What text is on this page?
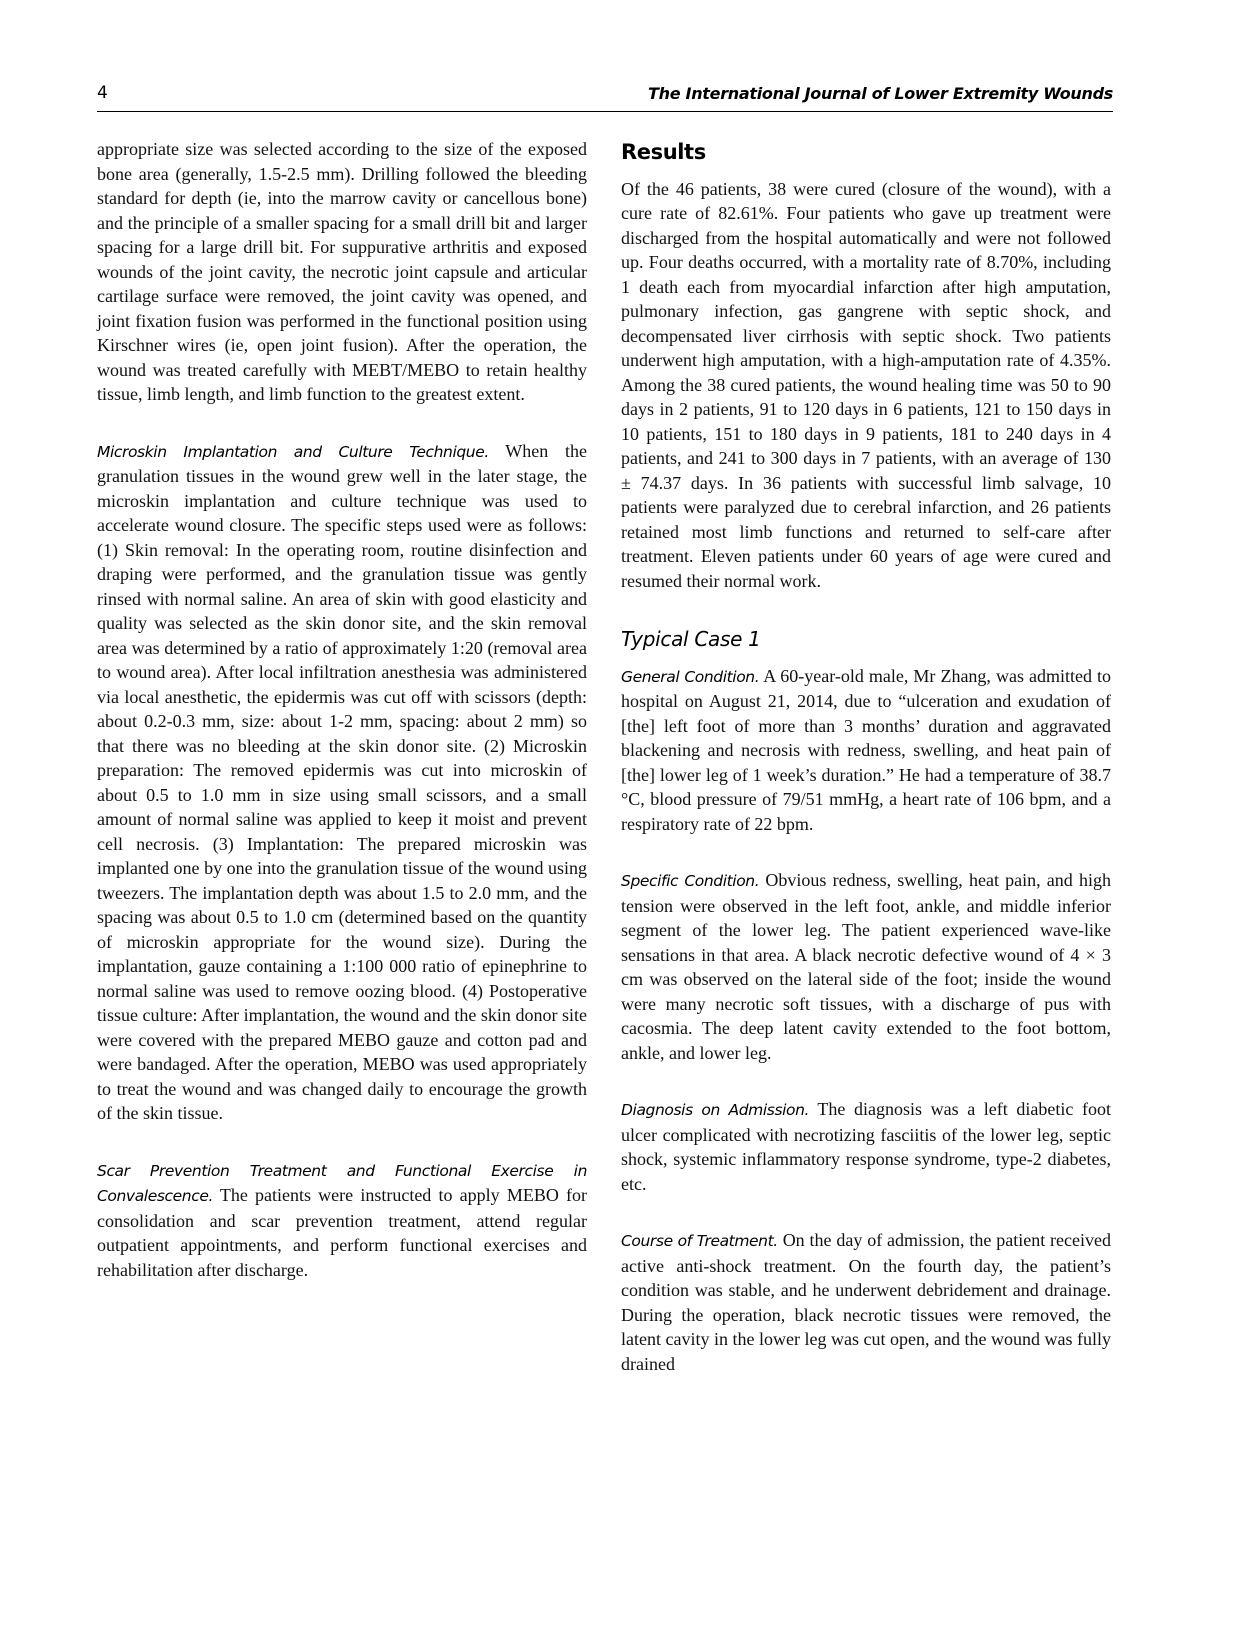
4	The International Journal of Lower Extremity Wounds

appropriate size was selected according to the size of the exposed bone area (generally, 1.5-2.5 mm). Drilling followed the bleeding standard for depth (ie, into the marrow cavity or cancellous bone) and the principle of a smaller spacing for a small drill bit and larger spacing for a large drill bit. For suppurative arthritis and exposed wounds of the joint cavity, the necrotic joint capsule and articular cartilage surface were removed, the joint cavity was opened, and joint fixation fusion was performed in the functional position using Kirschner wires (ie, open joint fusion). After the operation, the wound was treated carefully with MEBT/MEBO to retain healthy tissue, limb length, and limb function to the greatest extent.

Microskin Implantation and Culture Technique. When the granulation tissues in the wound grew well in the later stage, the microskin implantation and culture technique was used to accelerate wound closure. The specific steps used were as follows: (1) Skin removal: In the operating room, routine disinfection and draping were performed, and the granulation tissue was gently rinsed with normal saline. An area of skin with good elasticity and quality was selected as the skin donor site, and the skin removal area was determined by a ratio of approximately 1:20 (removal area to wound area). After local infiltration anesthesia was administered via local anesthetic, the epidermis was cut off with scissors (depth: about 0.2-0.3 mm, size: about 1-2 mm, spacing: about 2 mm) so that there was no bleeding at the skin donor site. (2) Microskin preparation: The removed epidermis was cut into microskin of about 0.5 to 1.0 mm in size using small scissors, and a small amount of normal saline was applied to keep it moist and prevent cell necrosis. (3) Implantation: The prepared microskin was implanted one by one into the granulation tissue of the wound using tweezers. The implantation depth was about 1.5 to 2.0 mm, and the spacing was about 0.5 to 1.0 cm (determined based on the quantity of microskin appropriate for the wound size). During the implantation, gauze containing a 1:100 000 ratio of epinephrine to normal saline was used to remove oozing blood. (4) Postoperative tissue culture: After implantation, the wound and the skin donor site were covered with the prepared MEBO gauze and cotton pad and were bandaged. After the operation, MEBO was used appropriately to treat the wound and was changed daily to encourage the growth of the skin tissue.

Scar Prevention Treatment and Functional Exercise in Convalescence. The patients were instructed to apply MEBO for consolidation and scar prevention treatment, attend regular outpatient appointments, and perform functional exercises and rehabilitation after discharge.

Results

Of the 46 patients, 38 were cured (closure of the wound), with a cure rate of 82.61%. Four patients who gave up treatment were discharged from the hospital automatically and were not followed up. Four deaths occurred, with a mortality rate of 8.70%, including 1 death each from myocardial infarction after high amputation, pulmonary infection, gas gangrene with septic shock, and decompensated liver cirrhosis with septic shock. Two patients underwent high amputation, with a high-amputation rate of 4.35%. Among the 38 cured patients, the wound healing time was 50 to 90 days in 2 patients, 91 to 120 days in 6 patients, 121 to 150 days in 10 patients, 151 to 180 days in 9 patients, 181 to 240 days in 4 patients, and 241 to 300 days in 7 patients, with an average of 130 ± 74.37 days. In 36 patients with successful limb salvage, 10 patients were paralyzed due to cerebral infarction, and 26 patients retained most limb functions and returned to self-care after treatment. Eleven patients under 60 years of age were cured and resumed their normal work.

Typical Case 1

General Condition. A 60-year-old male, Mr Zhang, was admitted to hospital on August 21, 2014, due to “ulceration and exudation of [the] left foot of more than 3 months’ duration and aggravated blackening and necrosis with redness, swelling, and heat pain of [the] lower leg of 1 week’s duration.” He had a temperature of 38.7 °C, blood pressure of 79/51 mmHg, a heart rate of 106 bpm, and a respiratory rate of 22 bpm.

Specific Condition. Obvious redness, swelling, heat pain, and high tension were observed in the left foot, ankle, and middle inferior segment of the lower leg. The patient experienced wave-like sensations in that area. A black necrotic defective wound of 4 × 3 cm was observed on the lateral side of the foot; inside the wound were many necrotic soft tissues, with a discharge of pus with cacosmia. The deep latent cavity extended to the foot bottom, ankle, and lower leg.

Diagnosis on Admission. The diagnosis was a left diabetic foot ulcer complicated with necrotizing fasciitis of the lower leg, septic shock, systemic inflammatory response syndrome, type-2 diabetes, etc.

Course of Treatment. On the day of admission, the patient received active anti-shock treatment. On the fourth day, the patient’s condition was stable, and he underwent debridement and drainage. During the operation, black necrotic tissues were removed, the latent cavity in the lower leg was cut open, and the wound was fully drained
